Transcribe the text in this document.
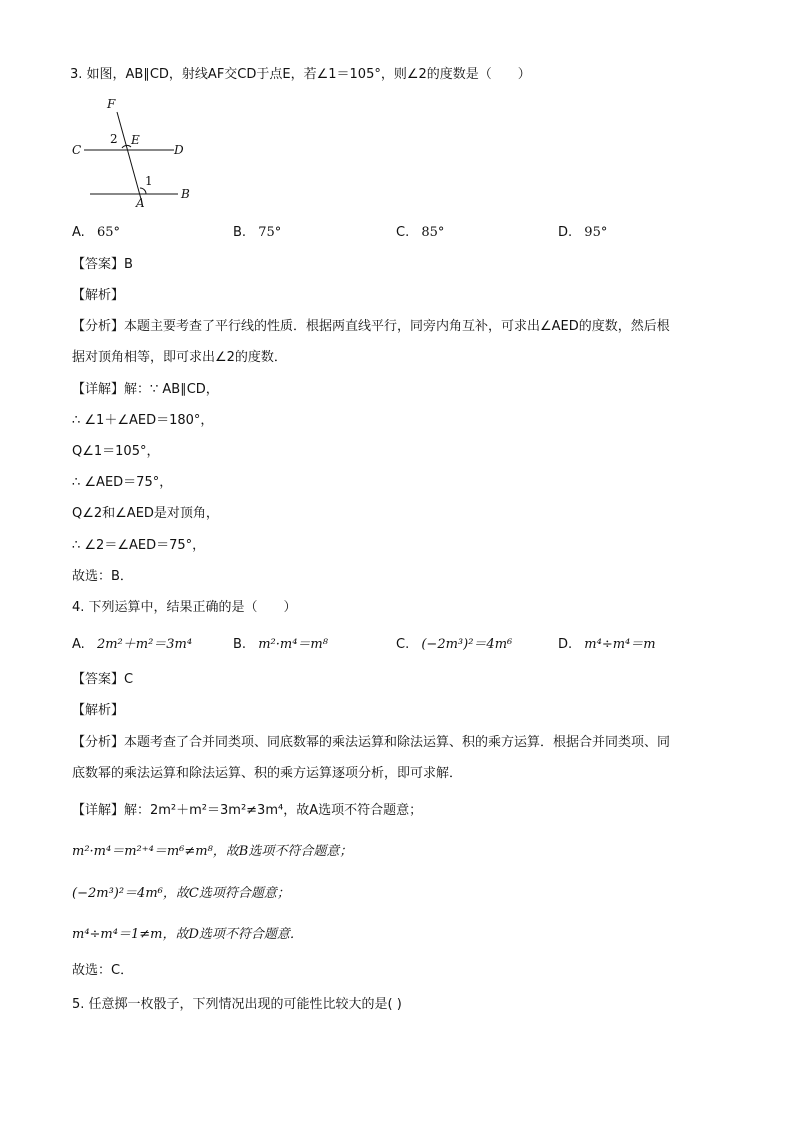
3. 如图，AB∥CD，射线AF交CD于点E，若∠1＝105°，则∠2的度数是（　　）
F
2 E
C	D
1
A
B
A. 65°	B. 75°	C. 85°	D. 95°
【答案】B
【解析】
【分析】本题主要考查了平行线的性质．根据两直线平行，同旁内角互补，可求出∠AED的度数，然后根
据对顶角相等，即可求出∠2的度数．
【详解】解：∵ AB∥CD，
∴ ∠1＋∠AED＝180°，
Q∠1＝105°，
∴ ∠AED＝75°，
Q∠2和∠AED是对顶角，
∴ ∠2＝∠AED＝75°，
故选：B．
4. 下列运算中，结果正确的是（　　）
A. 2m²＋m²＝3m⁴	B. m²·m⁴＝m⁸	C. (−2m³)²＝4m⁶	D. m⁴÷m⁴＝m
【答案】C
【解析】
【分析】本题考查了合并同类项、同底数幂的乘法运算和除法运算、积的乘方运算．根据合并同类项、同
底数幂的乘法运算和除法运算、积的乘方运算逐项分析，即可求解．
【详解】解：2m²＋m²＝3m²≠3m⁴，故A选项不符合题意；
m²·m⁴＝m²⁺⁴＝m⁶≠m⁸，故B选项不符合题意；
(−2m³)²＝4m⁶，故C选项符合题意；
m⁴÷m⁴＝1≠m，故D选项不符合题意．
故选：C．
5. 任意掷一枚骰子，下列情况出现的可能性比较大的是( )
